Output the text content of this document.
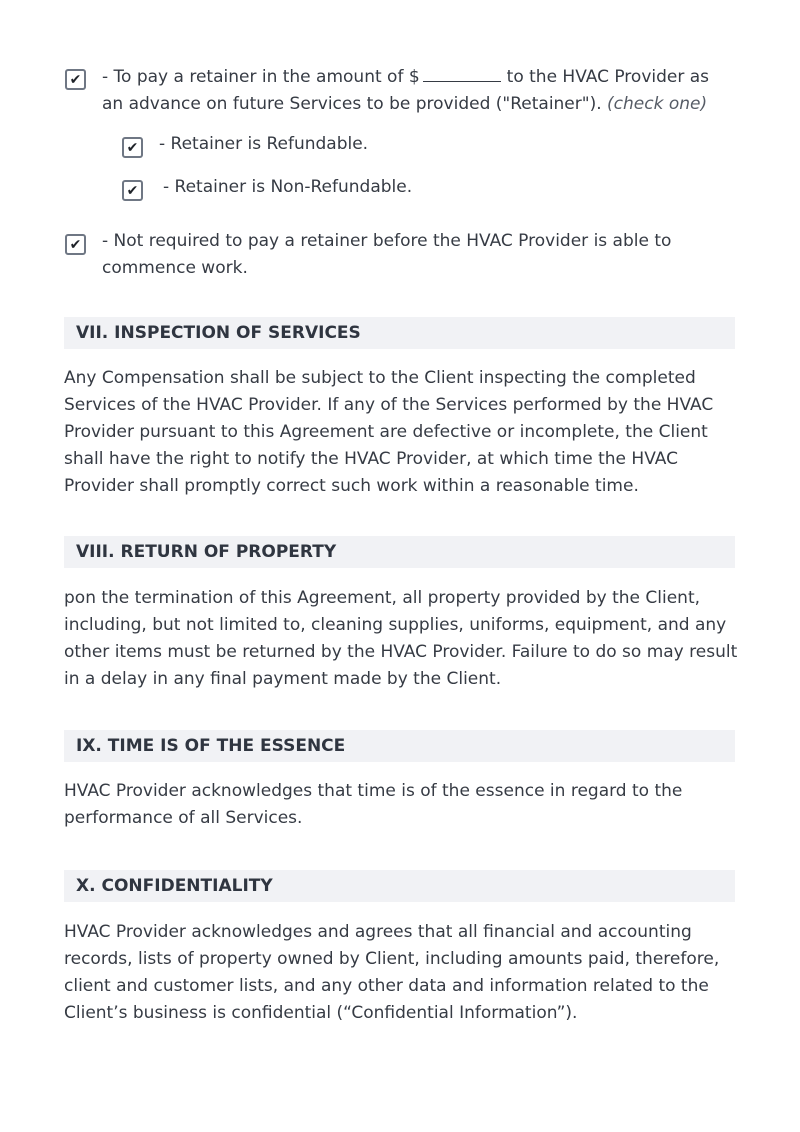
✔ - To pay a retainer in the amount of $	to the HVAC Provider as
an advance on future Services to be provided ("Retainer"). (check one)
✔ - Retainer is Refundable.
✔ - Retainer is Non-Refundable.
✔ - Not required to pay a retainer before the HVAC Provider is able to
commence work.
VII. INSPECTION OF SERVICES
Any Compensation shall be subject to the Client inspecting the completed
Services of the HVAC Provider. If any of the Services performed by the HVAC
Provider pursuant to this Agreement are defective or incomplete, the Client
shall have the right to notify the HVAC Provider, at which time the HVAC
Provider shall promptly correct such work within a reasonable time.
VIII. RETURN OF PROPERTY
pon the termination of this Agreement, all property provided by the Client,
including, but not limited to, cleaning supplies, uniforms, equipment, and any
other items must be returned by the HVAC Provider. Failure to do so may result
in a delay in any final payment made by the Client.
IX. TIME IS OF THE ESSENCE
HVAC Provider acknowledges that time is of the essence in regard to the
performance of all Services.
X. CONFIDENTIALITY
HVAC Provider acknowledges and agrees that all financial and accounting
records, lists of property owned by Client, including amounts paid, therefore,
client and customer lists, and any other data and information related to the
Client’s business is confidential (“Confidential Information”).
